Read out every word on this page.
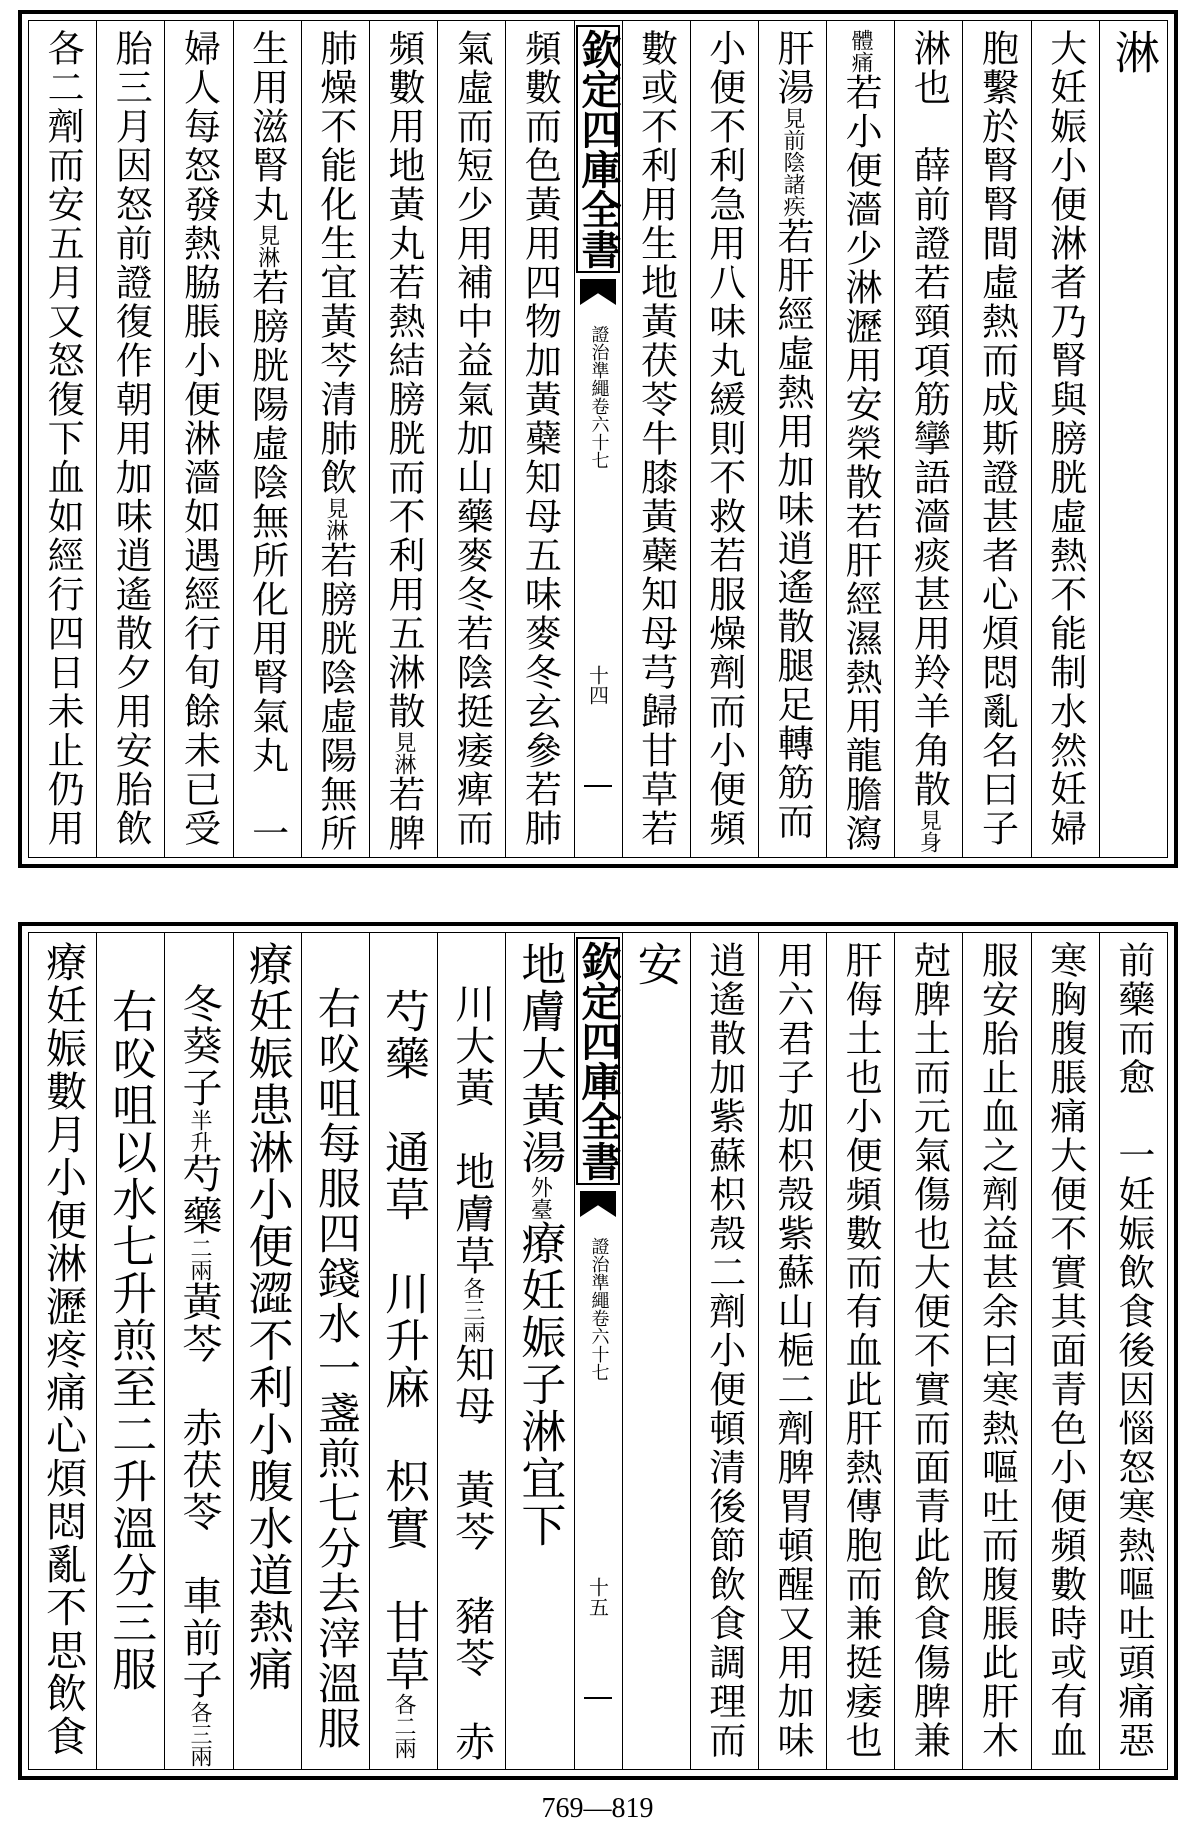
淋
大妊娠小便淋者乃腎與膀胱虛熱不能制水然妊婦
胞繫於腎腎間虛熱而成斯證甚者心煩悶亂名曰子
淋也　薛前證若頸項筋攣語濇痰甚用羚羊角散見身
體痛若小便濇少淋瀝用安榮散若肝經濕熱用龍膽瀉
肝湯見前陰諸疾若肝經虛熱用加味逍遙散腿足轉筋而
小便不利急用八味丸緩則不救若服燥劑而小便頻
數或不利用生地黃茯苓牛膝黃蘗知母芎歸甘草若
欽定四庫全書
證治準繩
卷六十七
十四
頻數而色黃用四物加黃蘗知母五味麥冬玄參若肺
氣虛而短少用補中益氣加山藥麥冬若陰挺痿痺而
頻數用地黃丸若熱結膀胱而不利用五淋散見淋若脾
肺燥不能化生宜黃芩清肺飲見淋若膀胱陰虛陽無所
生用滋腎丸見淋若膀胱陽虛陰無所化用腎氣丸　一
婦人每怒發熱脇脹小便淋濇如遇經行旬餘未已受
胎三月因怒前證復作朝用加味逍遙散夕用安胎飲
各二劑而安五月又怒復下血如經行四日未止仍用
前藥而愈　一妊娠飲食後因惱怒寒熱嘔吐頭痛惡
寒胸腹脹痛大便不實其面青色小便頻數時或有血
服安胎止血之劑益甚余曰寒熱嘔吐而腹脹此肝木
尅脾土而元氣傷也大便不實而面青此飲食傷脾兼
肝侮土也小便頻數而有血此肝熱傳胞而兼挺痿也
用六君子加枳殼紫蘇山梔二劑脾胃頓醒又用加味
逍遙散加紫蘇枳殼二劑小便頓清後節飲食調理而
安
欽定四庫全書
證治準繩
卷六十七
十五
地膚大黃湯外臺療妊娠子淋宜下
　川大黃　地膚草各三兩知母　黃芩　豬苓　赤
　芍藥　通草　川升麻　枳實　甘草各二兩
　右㕮咀每服四錢水一盞煎七分去滓溫服
療妊娠患淋小便澀不利小腹水道熱痛
　冬葵子半升芍藥二兩黃芩　赤茯苓　車前子各三兩
　右㕮咀以水七升煎至二升溫分三服
療妊娠數月小便淋瀝疼痛心煩悶亂不思飲食
769—819
